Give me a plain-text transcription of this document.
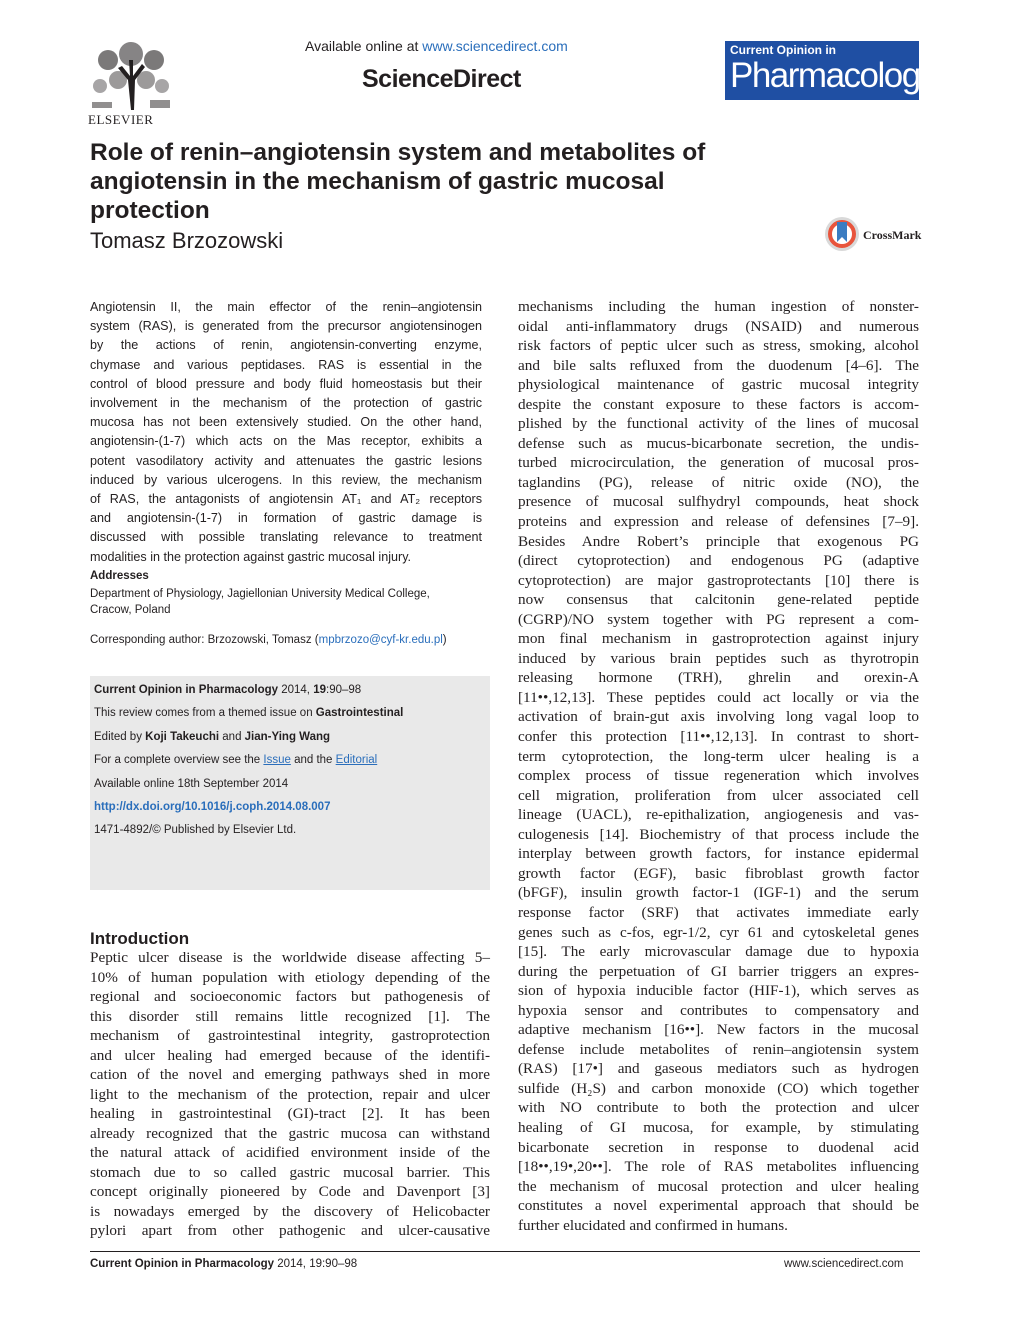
ELSEVIER
Available online at www.sciencedirect.com
ScienceDirect
Current Opinion in
Pharmacology
Role of renin–angiotensin system and metabolites of
angiotensin in the mechanism of gastric mucosal
protection
Tomasz Brzozowski	CrossMark
Angiotensin II, the main effector of the renin–angiotensin
system (RAS), is generated from the precursor angiotensinogen
by the actions of renin, angiotensin-converting enzyme,
chymase and various peptidases. RAS is essential in the
control of blood pressure and body fluid homeostasis but their
involvement in the mechanism of the protection of gastric
mucosa has not been extensively studied. On the other hand,
angiotensin-(1-7) which acts on the Mas receptor, exhibits a
potent vasodilatory activity and attenuates the gastric lesions
induced by various ulcerogens. In this review, the mechanism
of RAS, the antagonists of angiotensin AT₁ and AT₂ receptors
and angiotensin-(1-7) in formation of gastric damage is
discussed with possible translating relevance to treatment
modalities in the protection against gastric mucosal injury.
Addresses
Department of Physiology, Jagiellonian University Medical College,
Cracow, Poland
Corresponding author: Brzozowski, Tomasz (mpbrzozo@cyf-kr.edu.pl)
Current Opinion in Pharmacology 2014, 19:90–98
This review comes from a themed issue on Gastrointestinal
Edited by Koji Takeuchi and Jian-Ying Wang
For a complete overview see the Issue and the Editorial
Available online 18th September 2014
http://dx.doi.org/10.1016/j.coph.2014.08.007
1471-4892/© Published by Elsevier Ltd.
Introduction
Peptic ulcer disease is the worldwide disease affecting 5–
10% of human population with etiology depending of the
regional and socioeconomic factors but pathogenesis of
this disorder still remains little recognized [1]. The
mechanism of gastrointestinal integrity, gastroprotection
and ulcer healing had emerged because of the identifi-
cation of the novel and emerging pathways shed in more
light to the mechanism of the protection, repair and ulcer
healing in gastrointestinal (GI)-tract [2]. It has been
already recognized that the gastric mucosa can withstand
the natural attack of acidified environment inside of the
stomach due to so called gastric mucosal barrier. This
concept originally pioneered by Code and Davenport [3]
is nowadays emerged by the discovery of Helicobacter
pylori apart from other pathogenic and ulcer-causative
mechanisms including the human ingestion of nonster-
oidal anti-inflammatory drugs (NSAID) and numerous
risk factors of peptic ulcer such as stress, smoking, alcohol
and bile salts refluxed from the duodenum [4–6]. The
physiological maintenance of gastric mucosal integrity
despite the constant exposure to these factors is accom-
plished by the functional activity of the lines of mucosal
defense such as mucus-bicarbonate secretion, the undis-
turbed microcirculation, the generation of mucosal pros-
taglandins (PG), release of nitric oxide (NO), the
presence of mucosal sulfhydryl compounds, heat shock
proteins and expression and release of defensines [7–9].
Besides Andre Robert’s principle that exogenous PG
(direct cytoprotection) and endogenous PG (adaptive
cytoprotection) are major gastroprotectants [10] there is
now consensus that calcitonin gene-related peptide
(CGRP)/NO system together with PG represent a com-
mon final mechanism in gastroprotection against injury
induced by various brain peptides such as thyrotropin
releasing hormone (TRH), ghrelin and orexin-A
[11••,12,13]. These peptides could act locally or via the
activation of brain-gut axis involving long vagal loop to
confer this protection [11••,12,13]. In contrast to short-
term cytoprotection, the long-term ulcer healing is a
complex process of tissue regeneration which involves
cell migration, proliferation from ulcer associated cell
lineage (UACL), re-epithalization, angiogenesis and vas-
culogenesis [14]. Biochemistry of that process include the
interplay between growth factors, for instance epidermal
growth factor (EGF), basic fibroblast growth factor
(bFGF), insulin growth factor-1 (IGF-1) and the serum
response factor (SRF) that activates immediate early
genes such as c-fos, egr-1/2, cyr 61 and cytoskeletal genes
[15]. The early microvascular damage due to hypoxia
during the perpetuation of GI barrier triggers an expres-
sion of hypoxia inducible factor (HIF-1), which serves as
hypoxia sensor and contributes to compensatory and
adaptive mechanism [16••]. New factors in the mucosal
defense include metabolites of renin–angiotensin system
(RAS) [17•] and gaseous mediators such as hydrogen
sulfide (H₂S) and carbon monoxide (CO) which together
with NO contribute to both the protection and ulcer
healing of GI mucosa, for example, by stimulating
bicarbonate secretion in response to duodenal acid
[18••,19•,20••]. The role of RAS metabolites influencing
the mechanism of mucosal protection and ulcer healing
constitutes a novel experimental approach that should be
further elucidated and confirmed in humans.
Current Opinion in Pharmacology 2014, 19:90–98	www.sciencedirect.com
